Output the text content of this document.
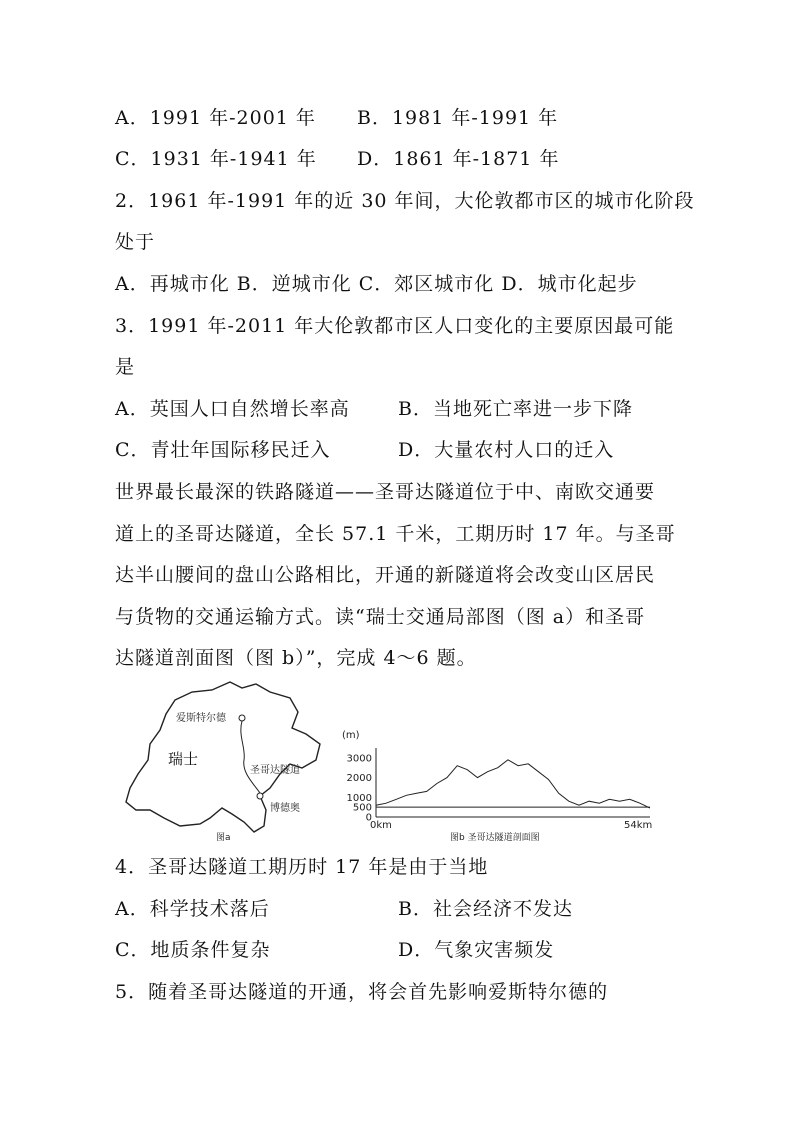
A．1991 年-2001 年 B．1981 年-1991 年
C．1931 年-1941 年 D．1861 年-1871 年
2．1961 年-1991 年的近 30 年间，大伦敦都市区的城市化阶段
处于
A．再城市化 B．逆城市化 C．郊区城市化 D．城市化起步
3．1991 年-2011 年大伦敦都市区人口变化的主要原因最可能
是
A．英国人口自然增长率高	B．当地死亡率进一步下降
C．青壮年国际移民迁入	D．大量农村人口的迁入
世界最长最深的铁路隧道——圣哥达隧道位于中、南欧交通要
道上的圣哥达隧道，全长 57.1 千米，工期历时 17 年。与圣哥
达半山腰间的盘山公路相比，开通的新隧道将会改变山区居民
与货物的交通运输方式。读“瑞士交通局部图（图 a）和圣哥
达隧道剖面图（图 b）”，完成 4～6 题。
爱斯特尔德
瑞士
圣哥达隧道
博德奥
图a
(m)
0
500
1000
2000
3000
0km	54km
图b 圣哥达隧道剖面图
4．圣哥达隧道工期历时 17 年是由于当地
A．科学技术落后	B．社会经济不发达
C．地质条件复杂	D．气象灾害频发
5．随着圣哥达隧道的开通，将会首先影响爱斯特尔德的
